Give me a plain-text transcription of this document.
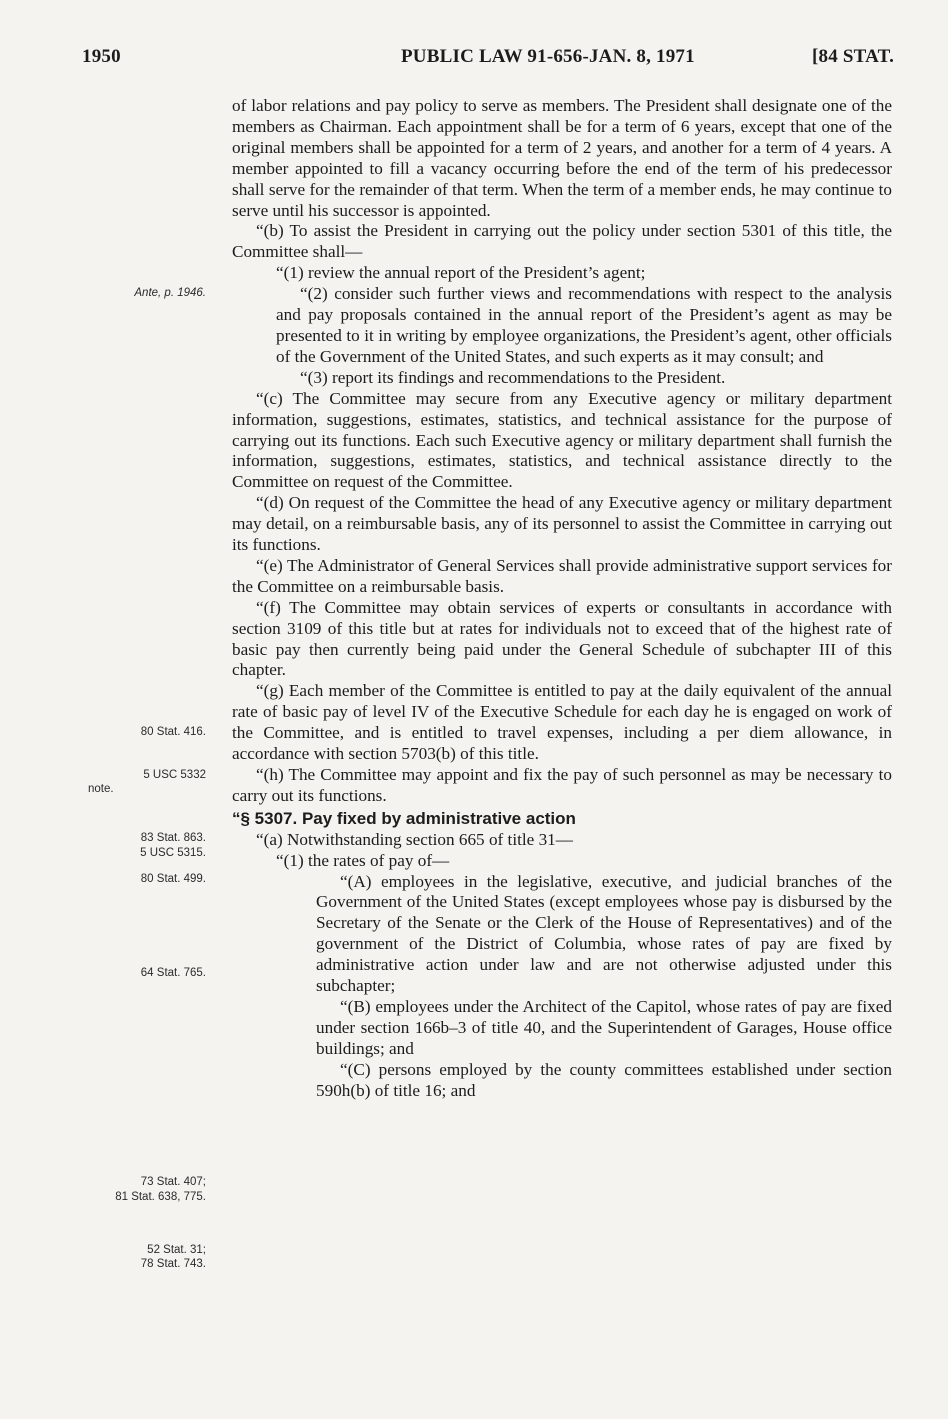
1950	PUBLIC LAW 91-656-JAN. 8, 1971	[84 STAT.
Ante, p. 1946.
80 Stat. 416.
5 USC 5332
note.
83 Stat. 863.
5 USC 5315.
80 Stat. 499.
64 Stat. 765.
73 Stat. 407;
81 Stat. 638, 775.
52 Stat. 31;
78 Stat. 743.

of labor relations and pay policy to serve as members. The President shall designate one of the members as Chairman. Each appointment shall be for a term of 6 years, except that one of the original members shall be appointed for a term of 2 years, and another for a term of 4 years. A member appointed to fill a vacancy occurring before the end of the term of his predecessor shall serve for the remainder of that term. When the term of a member ends, he may continue to serve until his successor is appointed.

“(b) To assist the President in carrying out the policy under section 5301 of this title, the Committee shall—

“(1) review the annual report of the President’s agent;

“(2) consider such further views and recommendations with respect to the analysis and pay proposals contained in the annual report of the President’s agent as may be presented to it in writing by employee organizations, the President’s agent, other officials of the Government of the United States, and such experts as it may consult; and

“(3) report its findings and recommendations to the President.

“(c) The Committee may secure from any Executive agency or military department information, suggestions, estimates, statistics, and technical assistance for the purpose of carrying out its functions. Each such Executive agency or military department shall furnish the information, suggestions, estimates, statistics, and technical assistance directly to the Committee on request of the Committee.

“(d) On request of the Committee the head of any Executive agency or military department may detail, on a reimbursable basis, any of its personnel to assist the Committee in carrying out its functions.

“(e) The Administrator of General Services shall provide administrative support services for the Committee on a reimbursable basis.

“(f) The Committee may obtain services of experts or consultants in accordance with section 3109 of this title but at rates for individuals not to exceed that of the highest rate of basic pay then currently being paid under the General Schedule of subchapter III of this chapter.

“(g) Each member of the Committee is entitled to pay at the daily equivalent of the annual rate of basic pay of level IV of the Executive Schedule for each day he is engaged on work of the Committee, and is entitled to travel expenses, including a per diem allowance, in accordance with section 5703(b) of this title.

“(h) The Committee may appoint and fix the pay of such personnel as may be necessary to carry out its functions.

“§ 5307. Pay fixed by administrative action

“(a) Notwithstanding section 665 of title 31—

“(1) the rates of pay of—

“(A) employees in the legislative, executive, and judicial branches of the Government of the United States (except employees whose pay is disbursed by the Secretary of the Senate or the Clerk of the House of Representatives) and of the government of the District of Columbia, whose rates of pay are fixed by administrative action under law and are not otherwise adjusted under this subchapter;

“(B) employees under the Architect of the Capitol, whose rates of pay are fixed under section 166b–3 of title 40, and the Superintendent of Garages, House office buildings; and

“(C) persons employed by the county committees established under section 590h(b) of title 16; and
